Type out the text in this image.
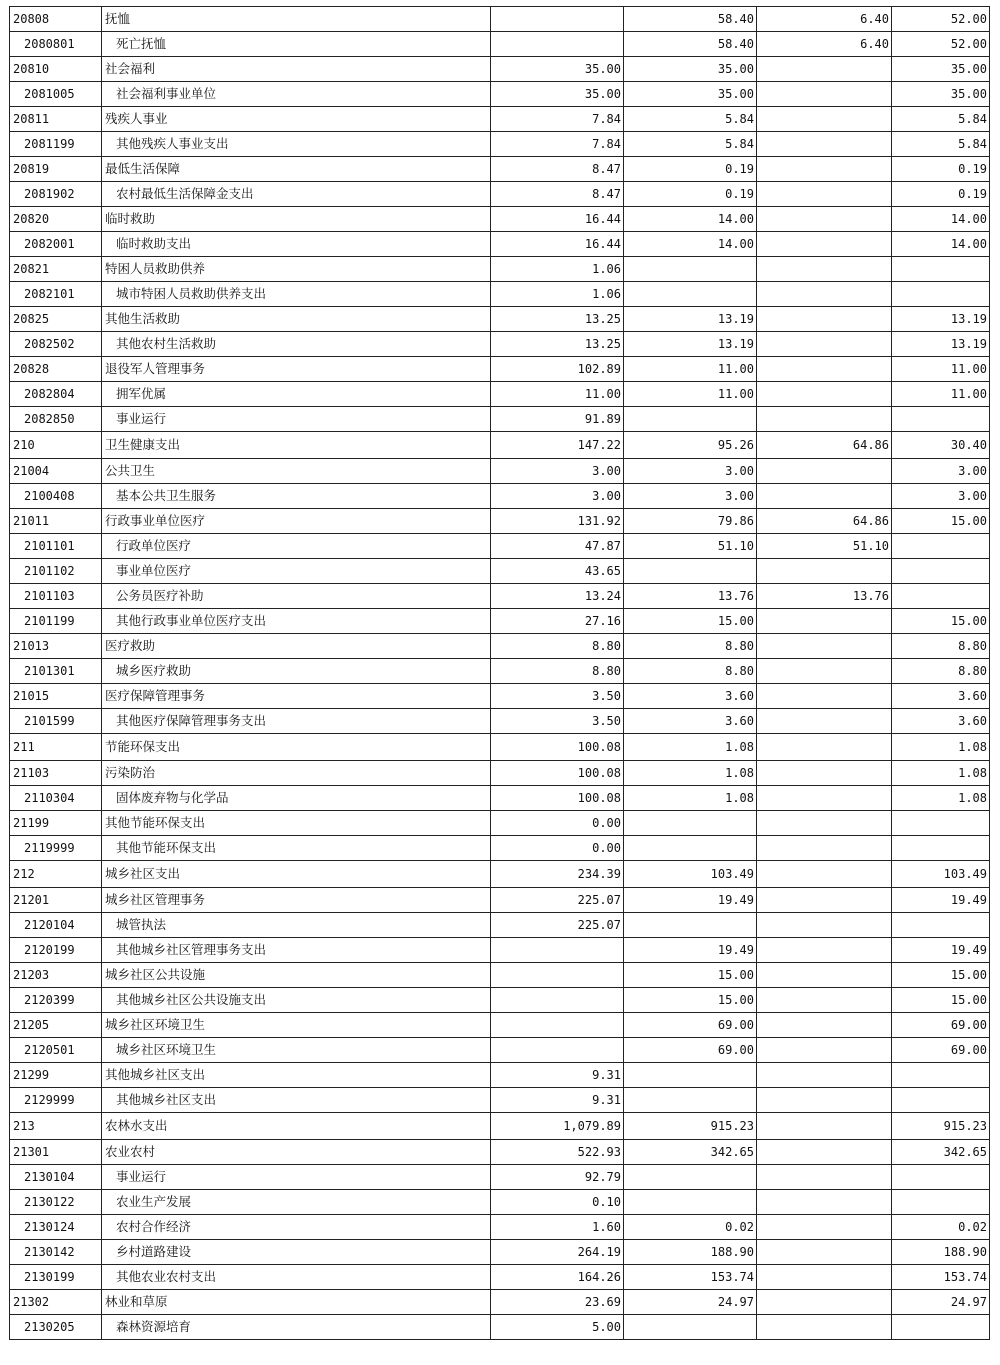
20808	抚恤		58.40	6.40	52.00
2080801	死亡抚恤		58.40	6.40	52.00
20810	社会福利	35.00	35.00		35.00
2081005	社会福利事业单位	35.00	35.00		35.00
20811	残疾人事业	7.84	5.84		5.84
2081199	其他残疾人事业支出	7.84	5.84		5.84
20819	最低生活保障	8.47	0.19		0.19
2081902	农村最低生活保障金支出	8.47	0.19		0.19
20820	临时救助	16.44	14.00		14.00
2082001	临时救助支出	16.44	14.00		14.00
20821	特困人员救助供养	1.06			
2082101	城市特困人员救助供养支出	1.06			
20825	其他生活救助	13.25	13.19		13.19
2082502	其他农村生活救助	13.25	13.19		13.19
20828	退役军人管理事务	102.89	11.00		11.00
2082804	拥军优属	11.00	11.00		11.00
2082850	事业运行	91.89			
210	卫生健康支出	147.22	95.26	64.86	30.40
21004	公共卫生	3.00	3.00		3.00
2100408	基本公共卫生服务	3.00	3.00		3.00
21011	行政事业单位医疗	131.92	79.86	64.86	15.00
2101101	行政单位医疗	47.87	51.10	51.10	
2101102	事业单位医疗	43.65			
2101103	公务员医疗补助	13.24	13.76	13.76	
2101199	其他行政事业单位医疗支出	27.16	15.00		15.00
21013	医疗救助	8.80	8.80		8.80
2101301	城乡医疗救助	8.80	8.80		8.80
21015	医疗保障管理事务	3.50	3.60		3.60
2101599	其他医疗保障管理事务支出	3.50	3.60		3.60
211	节能环保支出	100.08	1.08		1.08
21103	污染防治	100.08	1.08		1.08
2110304	固体废弃物与化学品	100.08	1.08		1.08
21199	其他节能环保支出	0.00			
2119999	其他节能环保支出	0.00			
212	城乡社区支出	234.39	103.49		103.49
21201	城乡社区管理事务	225.07	19.49		19.49
2120104	城管执法	225.07			
2120199	其他城乡社区管理事务支出		19.49		19.49
21203	城乡社区公共设施		15.00		15.00
2120399	其他城乡社区公共设施支出		15.00		15.00
21205	城乡社区环境卫生		69.00		69.00
2120501	城乡社区环境卫生		69.00		69.00
21299	其他城乡社区支出	9.31			
2129999	其他城乡社区支出	9.31			
213	农林水支出	1,079.89	915.23		915.23
21301	农业农村	522.93	342.65		342.65
2130104	事业运行	92.79			
2130122	农业生产发展	0.10			
2130124	农村合作经济	1.60	0.02		0.02
2130142	乡村道路建设	264.19	188.90		188.90
2130199	其他农业农村支出	164.26	153.74		153.74
21302	林业和草原	23.69	24.97		24.97
2130205	森林资源培育	5.00			
